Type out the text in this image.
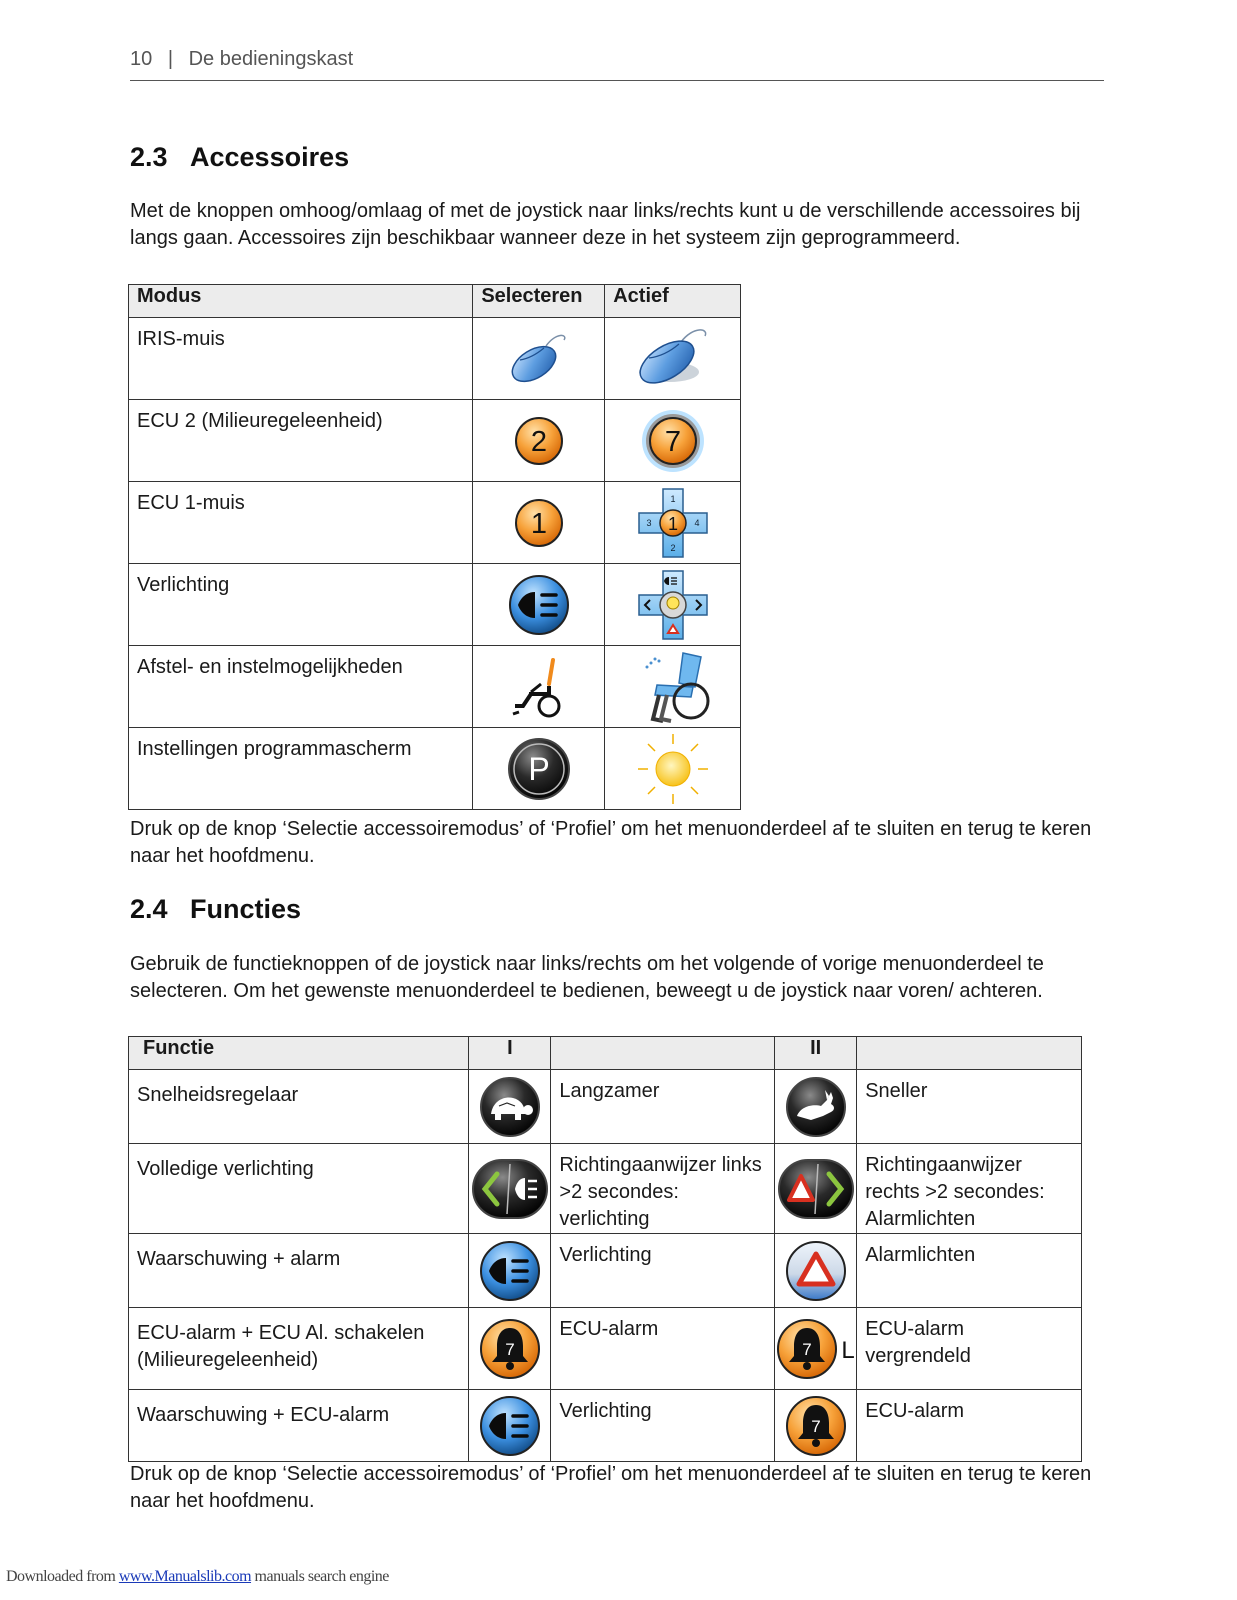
10 | De bedieningskast
2.3 Accessoires

Met de knoppen omhoog/omlaag of met de joystick naar links/rechts kunt u de verschillende accessoires bij langs gaan. Accessoires zijn beschikbaar wanneer deze in het systeem zijn geprogrammeerd.

Modus	Selecteren	Actief
IRIS-muis		
ECU 2 (Milieuregeleenheid)	2	7

ECU 1-muis	1	1
1
3 4
2

Verlichting		
Afstel- en instelmogelijkheden		
Instellingen programmascherm	P

Druk op de knop ‘Selectie accessoiremodus’ of ‘Profiel’ om het menuonderdeel af te sluiten en terug te keren naar het hoofdmenu.

2.4 Functies

Gebruik de functieknoppen of de joystick naar links/rechts om het volgende of vorige menuonderdeel te selecteren. Om het gewenste menuonderdeel te bedienen, beweegt u de joystick naar voren/ achteren.

Functie	I		II	
Snelheidsregelaar		Langzamer		Sneller
Volledige verlichting		Richtingaanwijzer links >2 secondes: verlichting		Richtingaanwijzer rechts >2 secondes: Alarmlichten
Waarschuwing + alarm		Verlichting		Alarmlichten
ECU-alarm + ECU Al. schakelen (Milieuregeleenheid)	7	ECU-alarm	7 L	ECU-alarm vergrendeld
Waarschuwing + ECU-alarm		Verlichting	7	ECU-alarm

Druk op de knop ‘Selectie accessoiremodus’ of ‘Profiel’ om het menuonderdeel af te sluiten en terug te keren naar het hoofdmenu.

Downloaded from www.Manualslib.com manuals search engine
